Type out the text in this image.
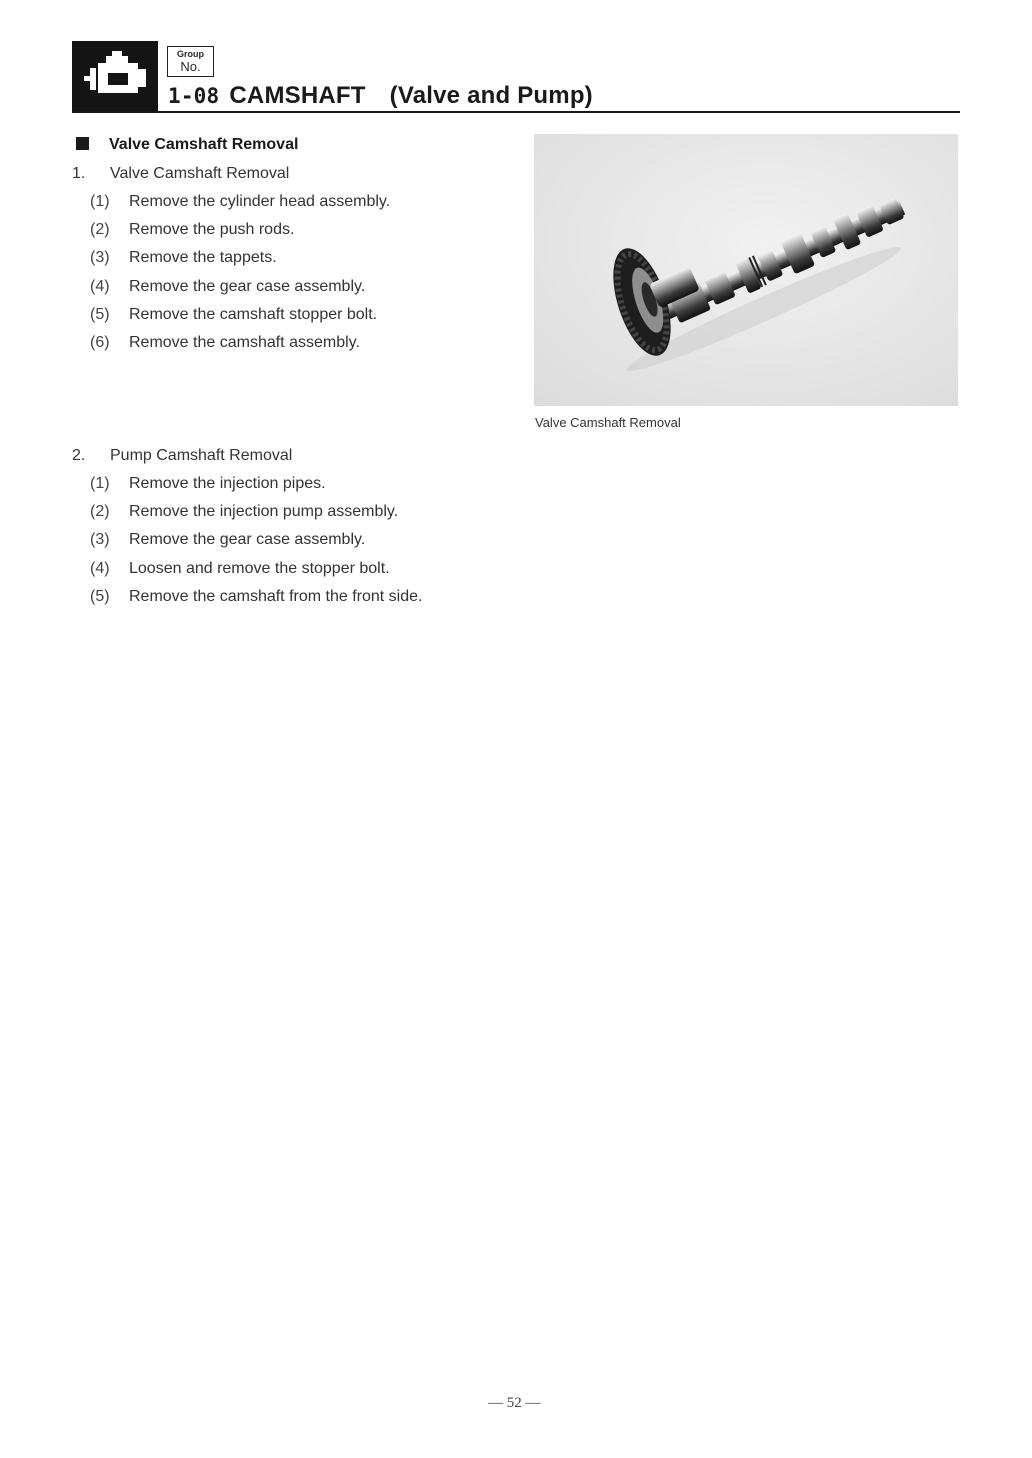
Group
No.
1-08 CAMSHAFT (Valve and Pump)
Valve Camshaft Removal
1. Valve Camshaft Removal
(1) Remove the cylinder head assembly.
(2) Remove the push rods.
(3) Remove the tappets.
(4) Remove the gear case assembly.
(5) Remove the camshaft stopper bolt.
(6) Remove the camshaft assembly.
2. Pump Camshaft Removal
(1) Remove the injection pipes.
(2) Remove the injection pump assembly.
(3) Remove the gear case assembly.
(4) Loosen and remove the stopper bolt.
(5) Remove the camshaft from the front side.
Valve Camshaft Removal
— 52 —
